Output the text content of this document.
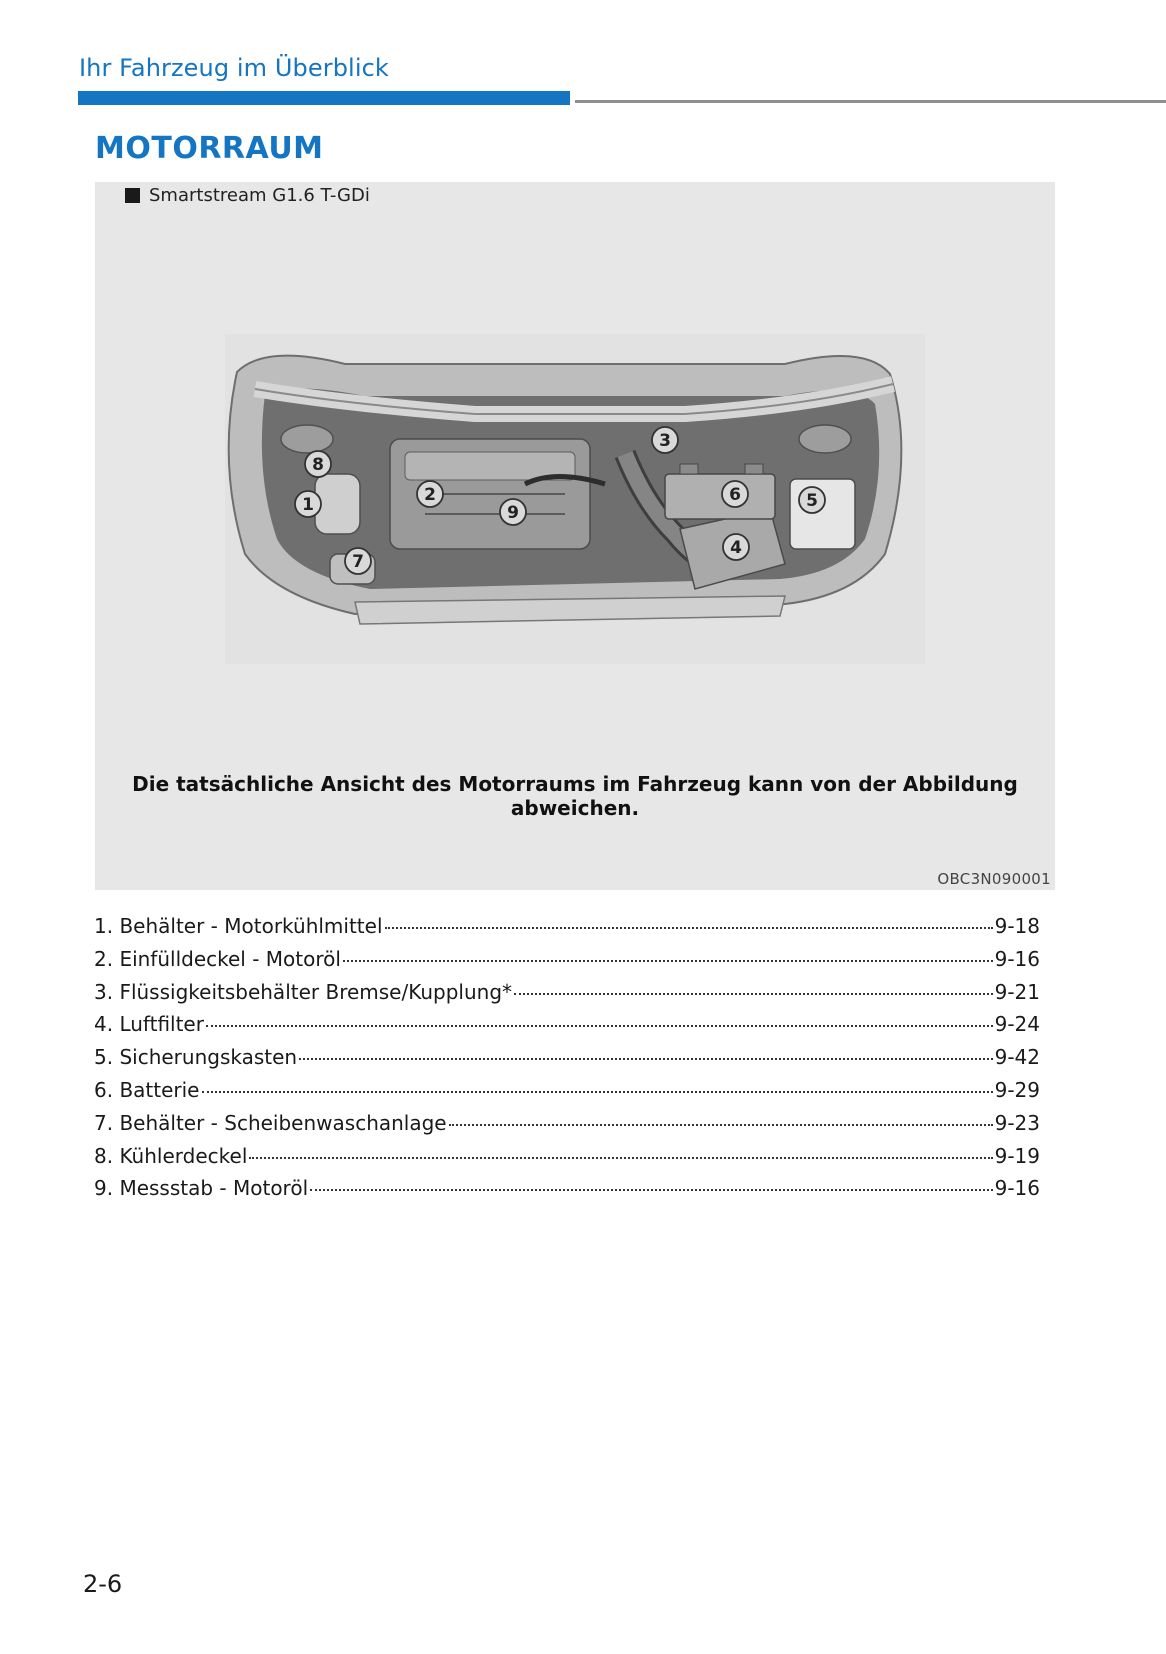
Ihr Fahrzeug im Überblick
MOTORRAUM
Smartstream G1.6 T-GDi
1	2
3
4
5
6
7
8
9
Die tatsächliche Ansicht des Motorraums im Fahrzeug kann von der Abbildung abweichen.
OBC3N090001
1. Behälter - Motorkühlmittel	9-18
2. Einfülldeckel - Motoröl	9-16
3. Flüssigkeitsbehälter Bremse/Kupplung*	9-21
4. Luftfilter	9-24
5. Sicherungskasten	9-42
6. Batterie	9-29
7. Behälter - Scheibenwaschanlage	9-23
8. Kühlerdeckel	9-19
9. Messstab - Motoröl	9-16
2-6
